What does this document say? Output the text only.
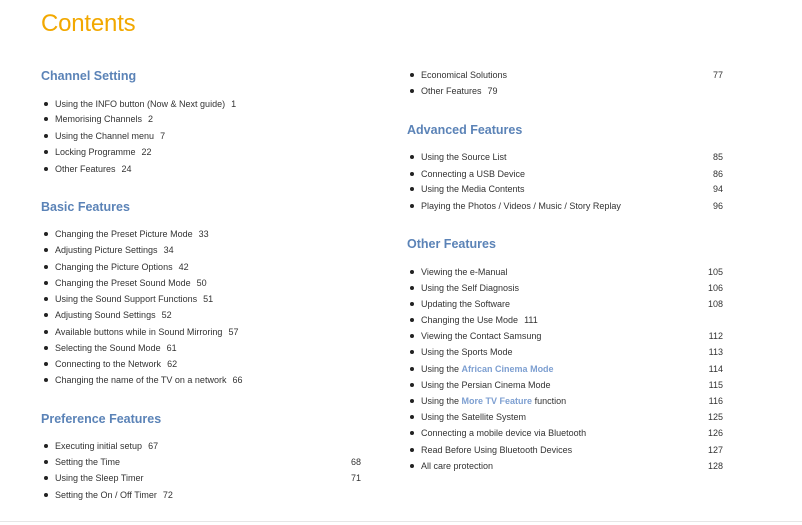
Contents
Channel Setting
Using the INFO button (Now & Next guide) 1
Memorising Channels 2
Using the Channel menu 7
Locking Programme 22
Other Features 24
Basic Features
Changing the Preset Picture Mode 33
Adjusting Picture Settings 34
Changing the Picture Options 42
Changing the Preset Sound Mode 50
Using the Sound Support Functions 51
Adjusting Sound Settings 52
Available buttons while in Sound Mirroring 57
Selecting the Sound Mode 61
Connecting to the Network 62
Changing the name of the TV on a network 66
Preference Features
Executing initial setup 67
Setting the Time	68
Using the Sleep Timer	71
Setting the On / Off Timer 72
Economical Solutions	77
Other Features 79
Advanced Features
Using the Source List	85
Connecting a USB Device	86
Using the Media Contents	94
Playing the Photos / Videos / Music / Story Replay	96
Other Features
Viewing the e-Manual	105
Using the Self Diagnosis	106
Updating the Software	108
Changing the Use Mode 111
Viewing the Contact Samsung	112
Using the Sports Mode	113
Using the African Cinema Mode	114
Using the Persian Cinema Mode	115
Using the More TV Feature function	116
Using the Satellite System	125
Connecting a mobile device via Bluetooth	126
Read Before Using Bluetooth Devices	127
All care protection	128
